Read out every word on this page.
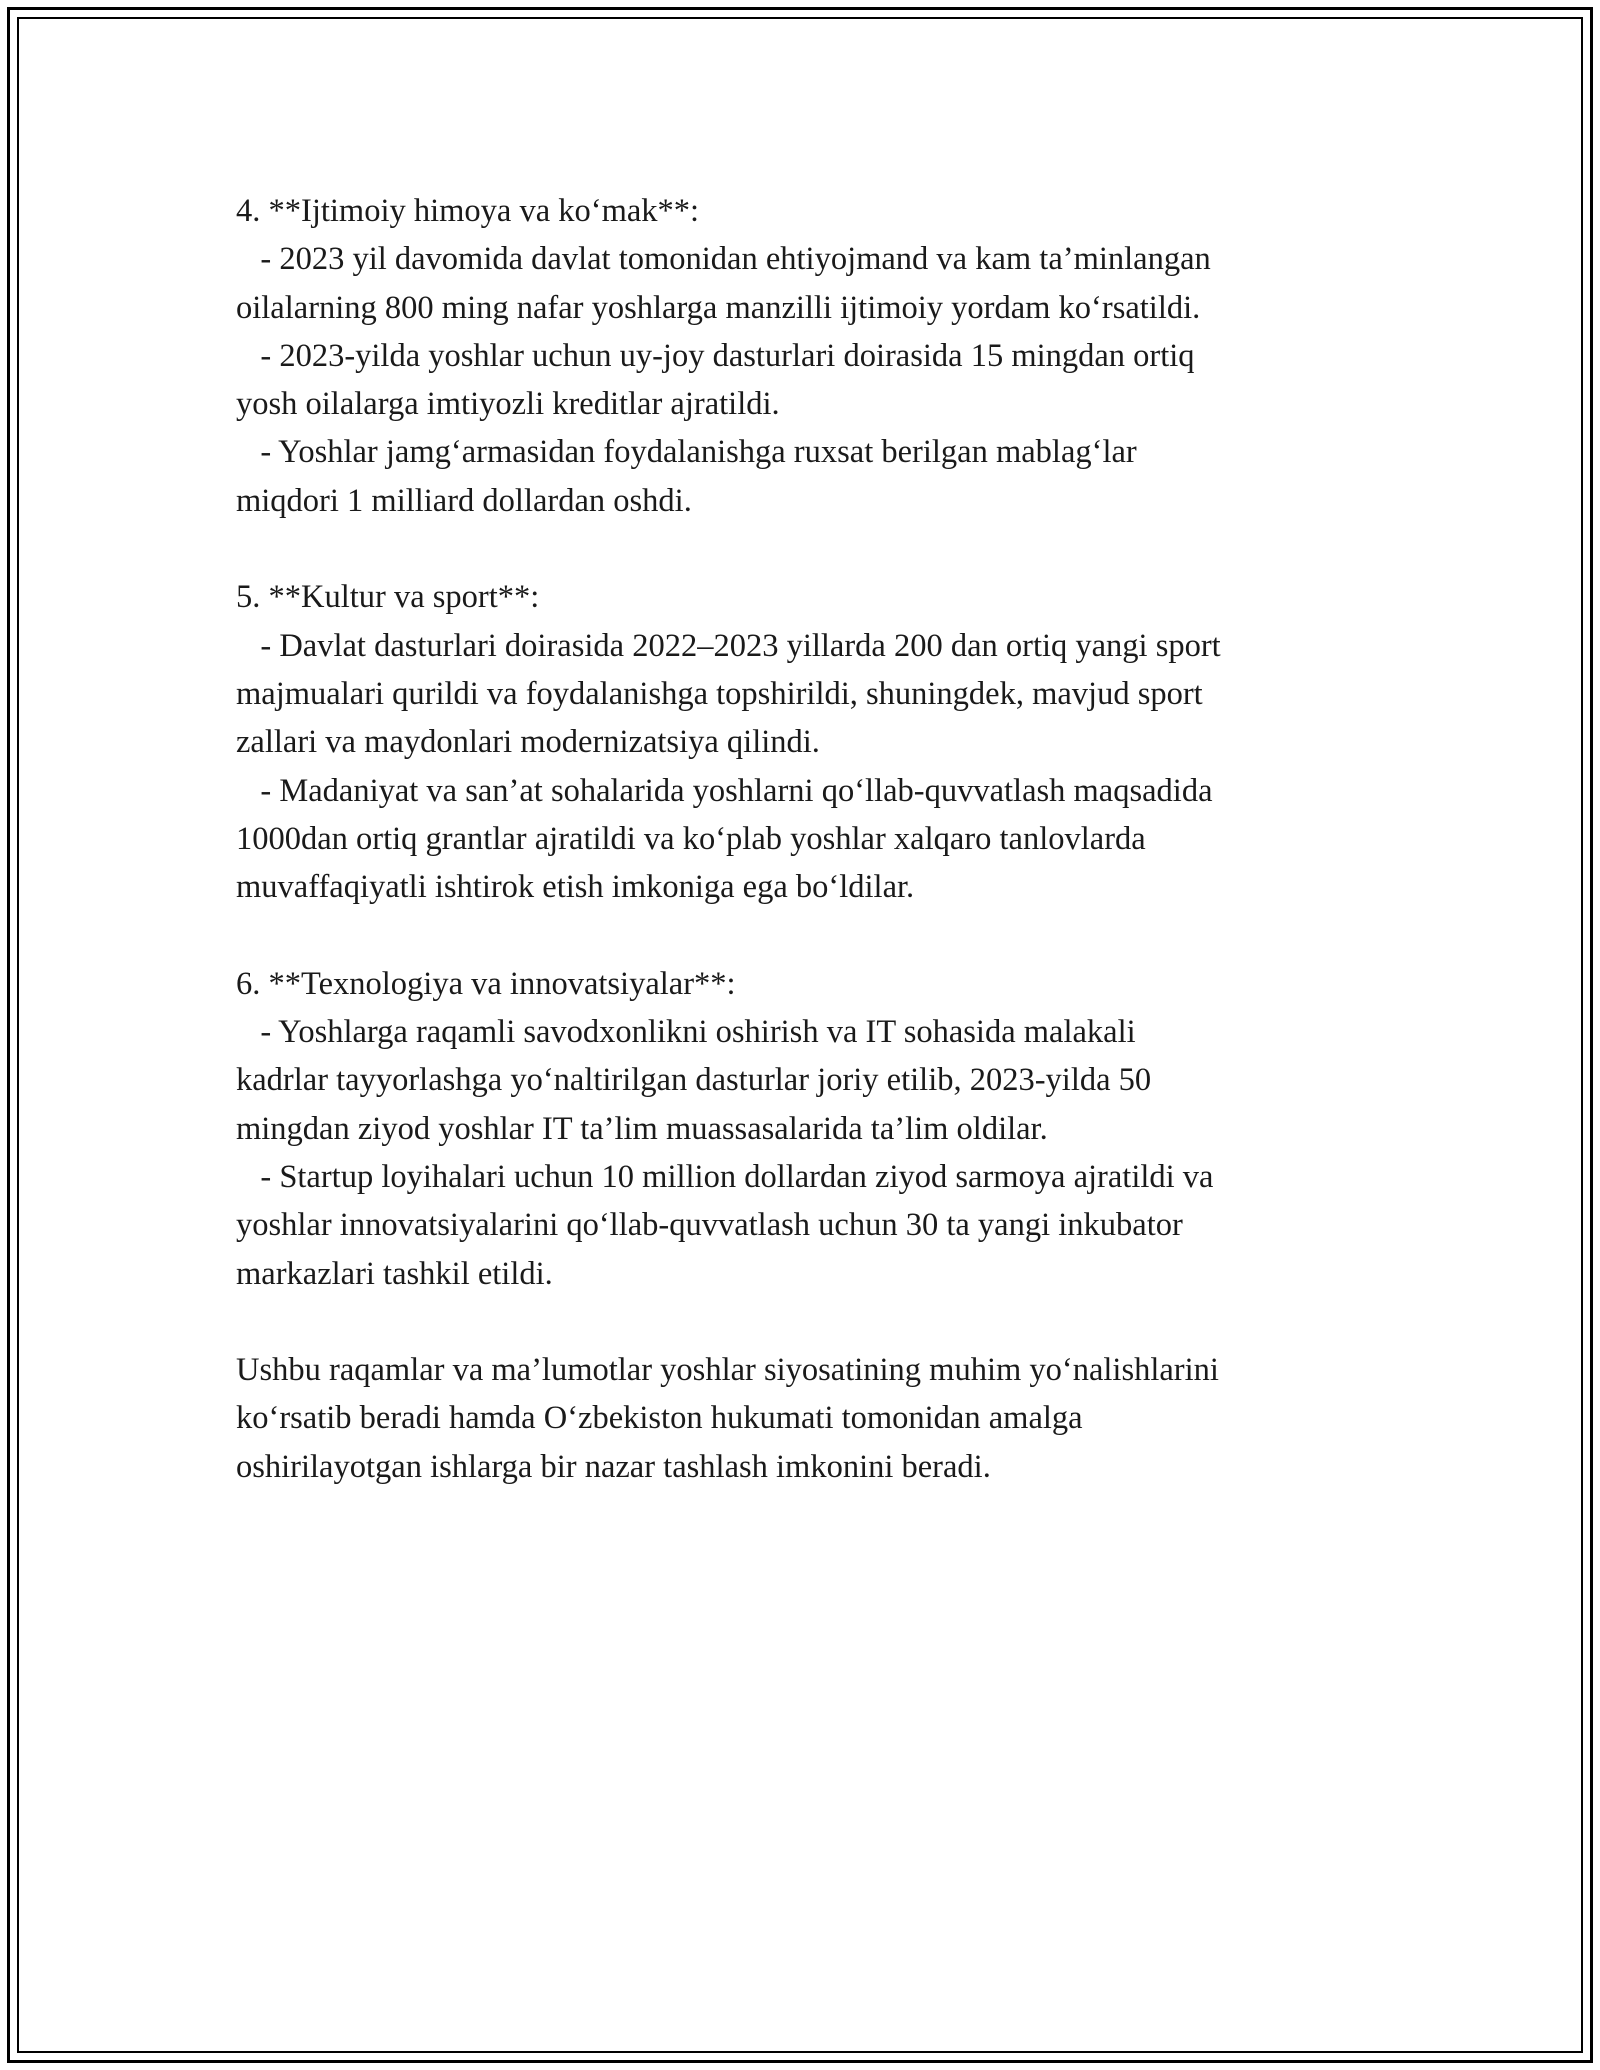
4. **Ijtimoiy himoya va ko‘mak**:
- 2023 yil davomida davlat tomonidan ehtiyojmand va kam ta’minlangan
oilalarning 800 ming nafar yoshlarga manzilli ijtimoiy yordam ko‘rsatildi.
- 2023-yilda yoshlar uchun uy-joy dasturlari doirasida 15 mingdan ortiq
yosh oilalarga imtiyozli kreditlar ajratildi.
- Yoshlar jamg‘armasidan foydalanishga ruxsat berilgan mablag‘lar
miqdori 1 milliard dollardan oshdi.
5. **Kultur va sport**:
- Davlat dasturlari doirasida 2022–2023 yillarda 200 dan ortiq yangi sport
majmualari qurildi va foydalanishga topshirildi, shuningdek, mavjud sport
zallari va maydonlari modernizatsiya qilindi.
- Madaniyat va san’at sohalarida yoshlarni qo‘llab-quvvatlash maqsadida
1000dan ortiq grantlar ajratildi va ko‘plab yoshlar xalqaro tanlovlarda
muvaffaqiyatli ishtirok etish imkoniga ega bo‘ldilar.
6. **Texnologiya va innovatsiyalar**:
- Yoshlarga raqamli savodxonlikni oshirish va IT sohasida malakali
kadrlar tayyorlashga yo‘naltirilgan dasturlar joriy etilib, 2023-yilda 50
mingdan ziyod yoshlar IT ta’lim muassasalarida ta’lim oldilar.
- Startup loyihalari uchun 10 million dollardan ziyod sarmoya ajratildi va
yoshlar innovatsiyalarini qo‘llab-quvvatlash uchun 30 ta yangi inkubator
markazlari tashkil etildi.
Ushbu raqamlar va ma’lumotlar yoshlar siyosatining muhim yo‘nalishlarini
ko‘rsatib beradi hamda O‘zbekiston hukumati tomonidan amalga
oshirilayotgan ishlarga bir nazar tashlash imkonini beradi.
